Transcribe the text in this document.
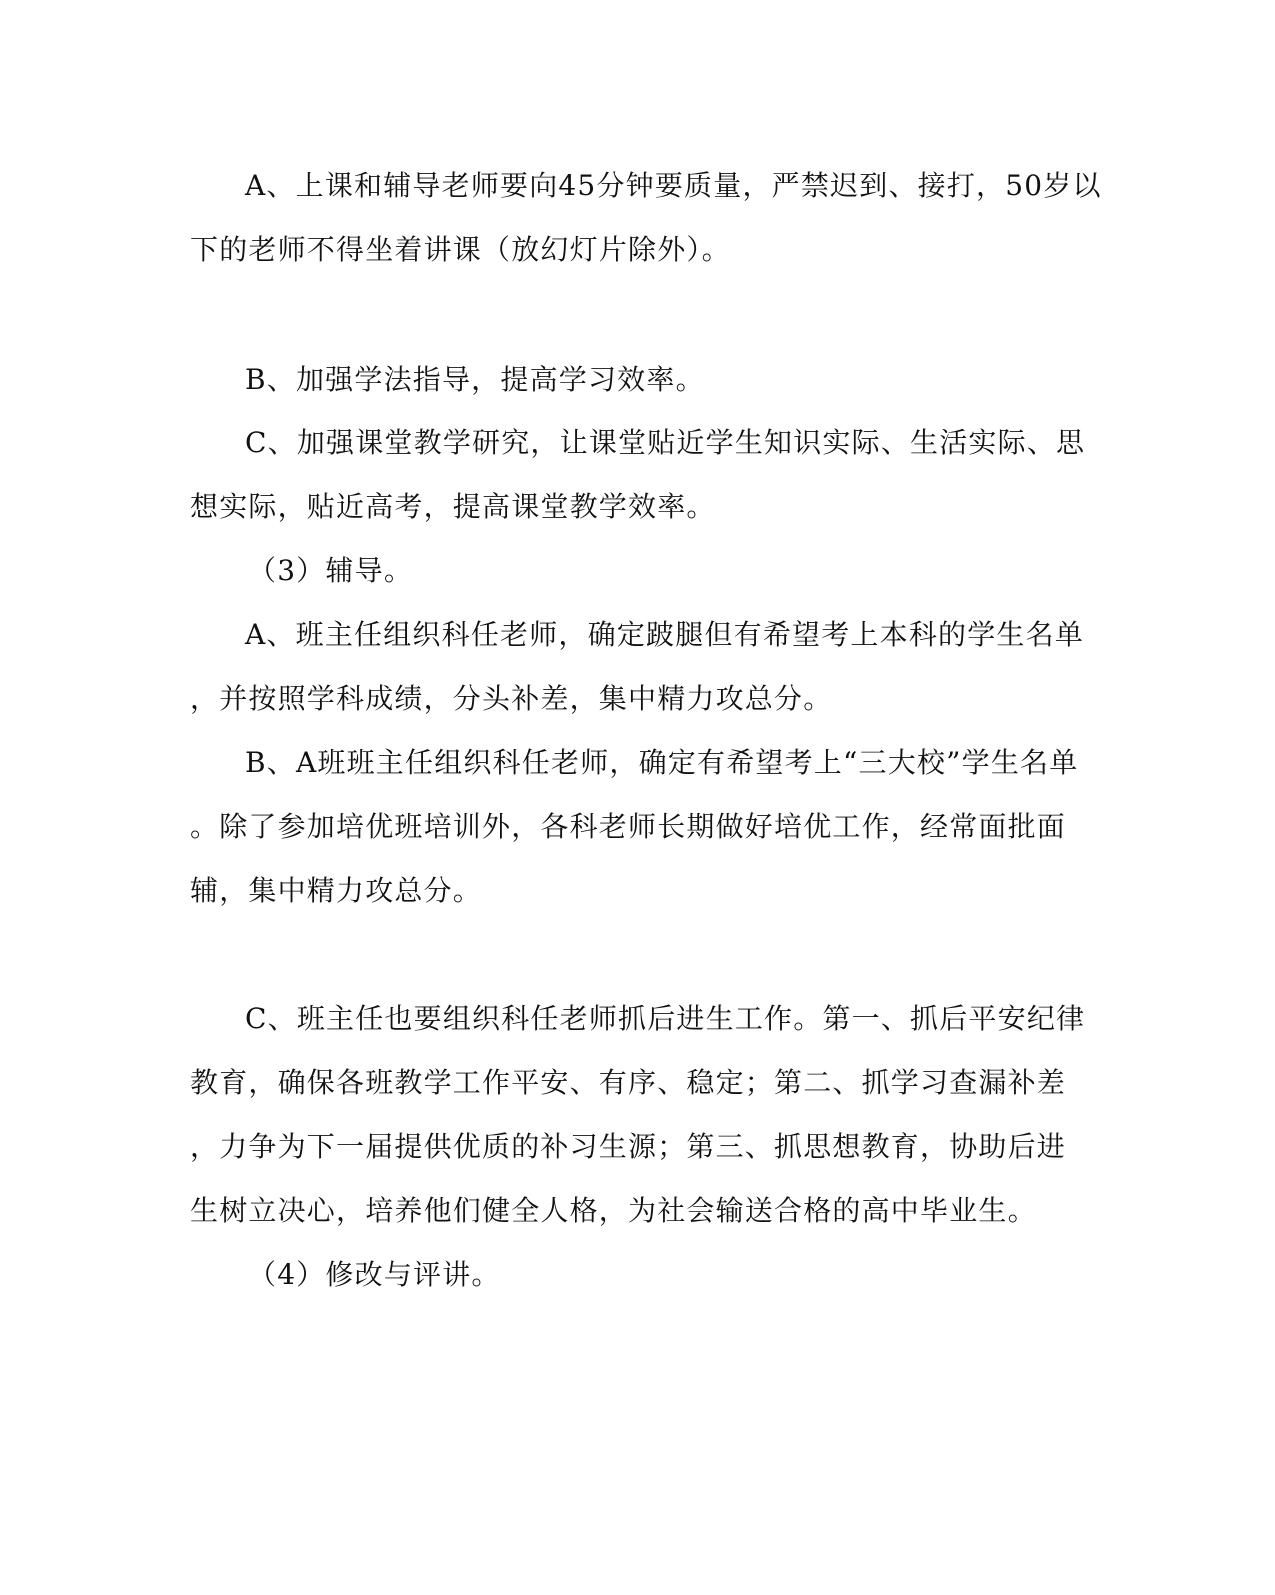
A、上课和辅导老师要向45分钟要质量，严禁迟到、接打，50岁以
下的老师不得坐着讲课（放幻灯片除外）。
B、加强学法指导，提高学习效率。
C、加强课堂教学研究，让课堂贴近学生知识实际、生活实际、思
想实际，贴近高考，提高课堂教学效率。
（3）辅导。
A、班主任组织科任老师，确定跛腿但有希望考上本科的学生名单
，并按照学科成绩，分头补差，集中精力攻总分。
B、A班班主任组织科任老师，确定有希望考上“三大校”学生名单
。除了参加培优班培训外，各科老师长期做好培优工作，经常面批面
辅，集中精力攻总分。
C、班主任也要组织科任老师抓后进生工作。第一、抓后平安纪律
教育，确保各班教学工作平安、有序、稳定；第二、抓学习查漏补差
，力争为下一届提供优质的补习生源；第三、抓思想教育，协助后进
生树立决心，培养他们健全人格，为社会输送合格的高中毕业生。
（4）修改与评讲。
